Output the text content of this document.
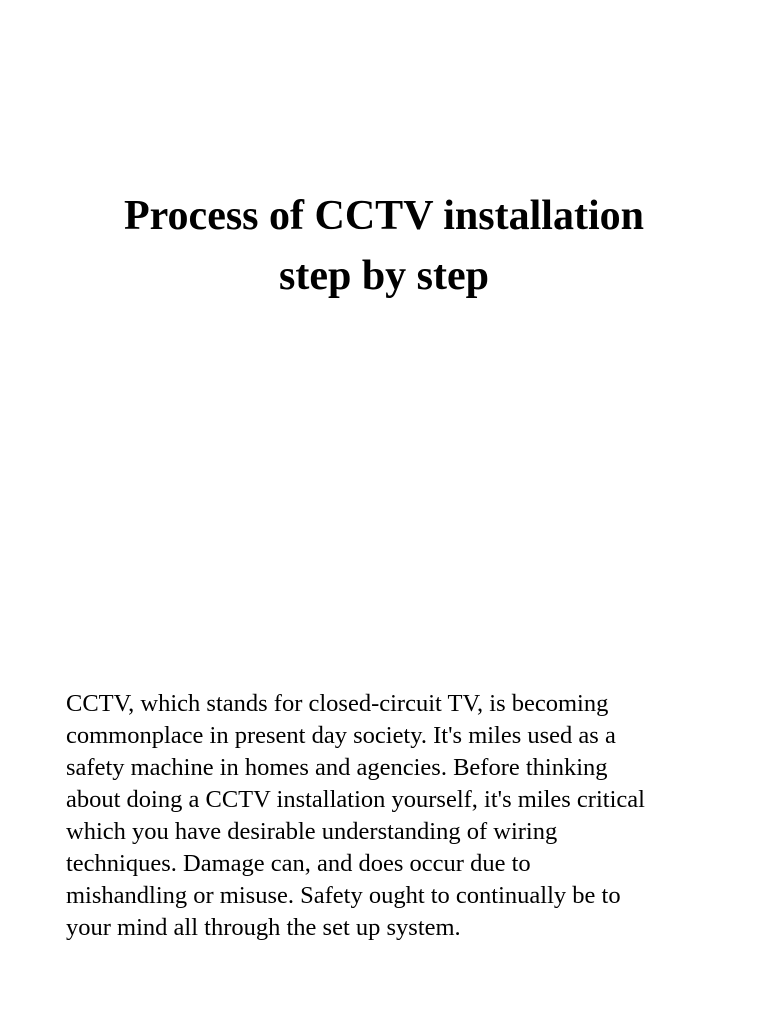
Process of CCTV installation
step by step

CCTV, which stands for closed-circuit TV, is becoming
commonplace in present day society. It's miles used as a
safety machine in homes and agencies. Before thinking
about doing a CCTV installation yourself, it's miles critical
which you have desirable understanding of wiring
techniques. Damage can, and does occur due to
mishandling or misuse. Safety ought to continually be to
your mind all through the set up system.
